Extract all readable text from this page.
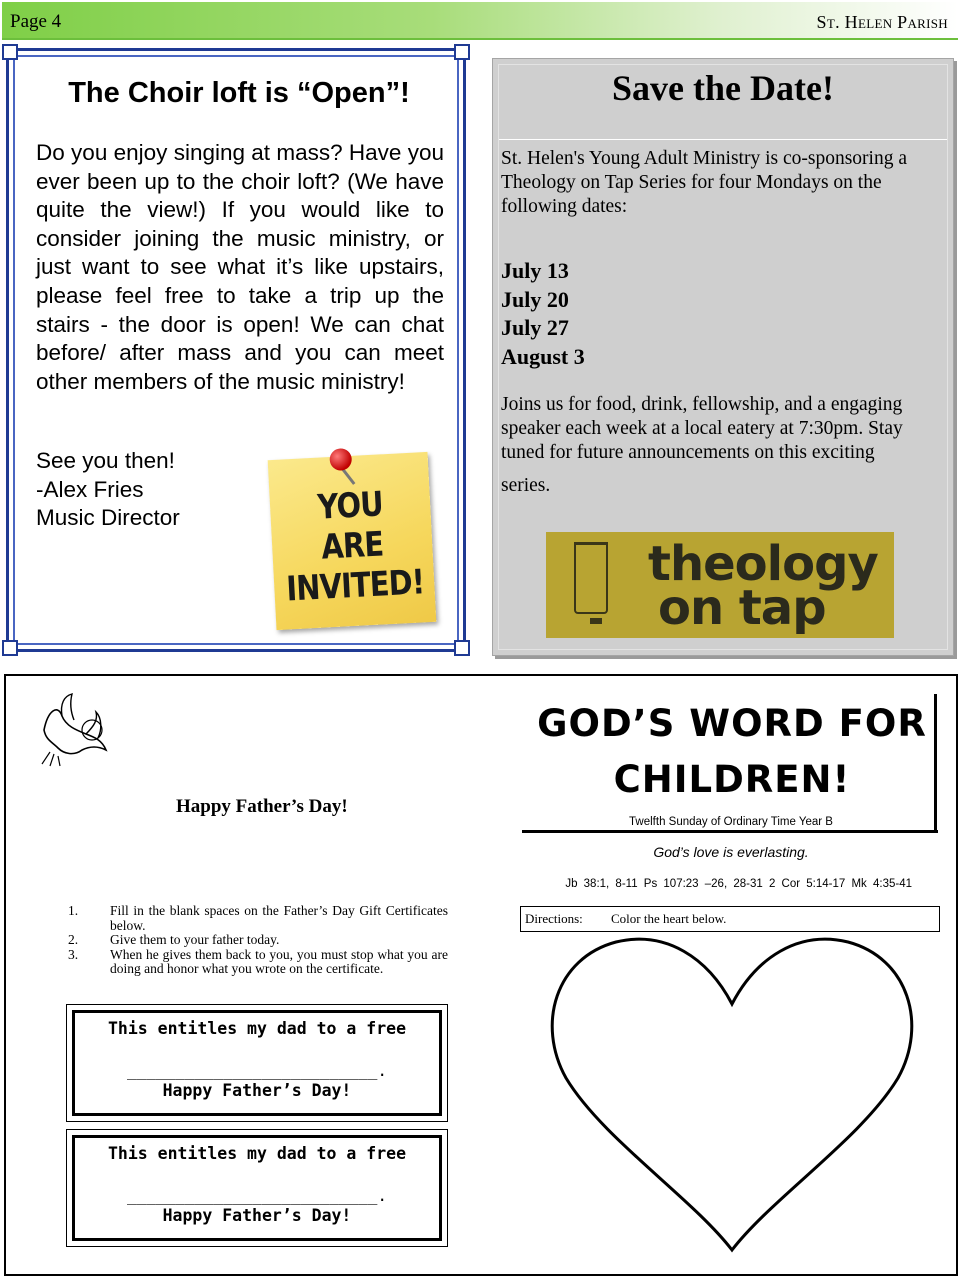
Page 4	St. Helen Parish
The Choir loft is “Open”!
Do you enjoy singing at mass? Have you ever been up to the choir loft? (We have quite the view!) If you would like to consider joining the music ministry, or just want to see what it’s like upstairs, please feel free to take a trip up the stairs - the door is open! We can chat before/ after mass and you can meet other members of the music ministry!
See you then!
-Alex Fries
Music Director	YOU
ARE
INVITED!
Save the Date!
St. Helen's Young Adult Ministry is co-sponsoring a Theology on Tap Series for four Mondays on the following dates:
July 13
July 20
July 27
August 3
Joins us for food, drink, fellowship, and a engaging speaker each week at a local eatery at 7:30pm. Stay tuned for future announcements on this exciting
series.
theology
on tap
Happy Father’s Day!
1. Fill in the blank spaces on the Father’s Day Gift Certificates below.
2. Give them to your father today.
3. When he gives them back to you, you must stop what you are doing and honor what you wrote on the certificate.
This entitles my dad to a free
__________________________.
Happy Father’s Day!
This entitles my dad to a free
__________________________.
Happy Father’s Day!
GOD’S WORD FOR
CHILDREN!
Twelfth Sunday of Ordinary Time Year B
God’s love is everlasting.
Jb 38:1, 8-11 Ps 107:23 –26, 28-31 2 Cor 5:14-17 Mk 4:35-41
Directions: Color the heart below.
